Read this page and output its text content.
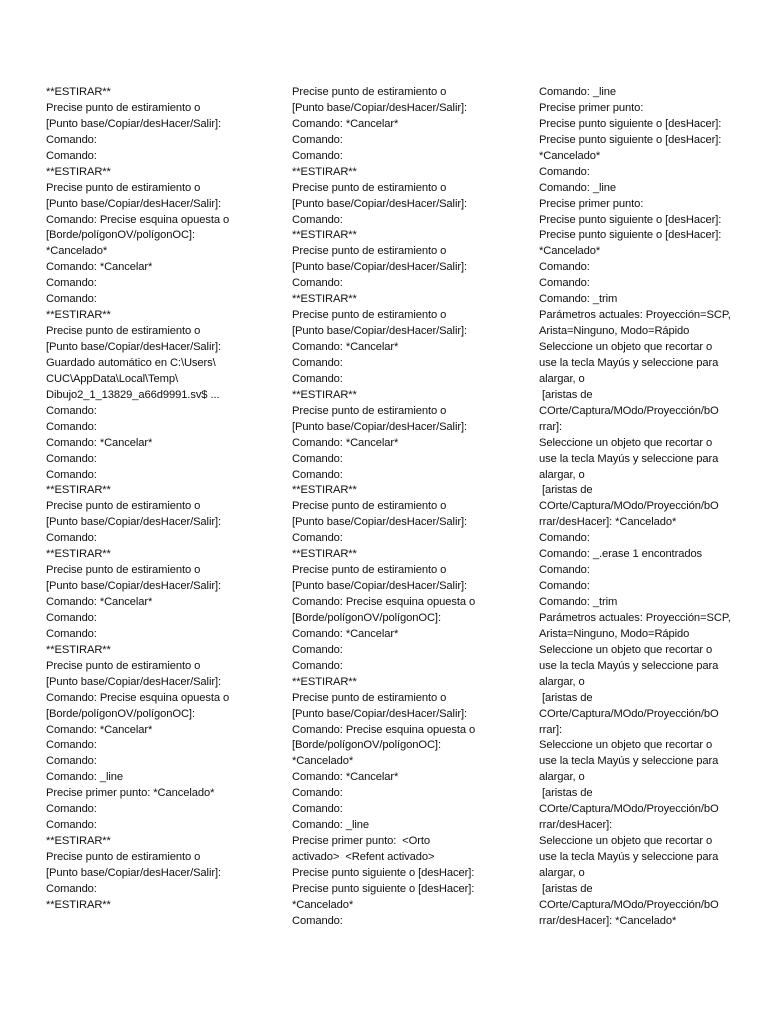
**ESTIRAR**
Precise punto de estiramiento o
[Punto base/Copiar/desHacer/Salir]:
Comando:
Comando:
**ESTIRAR**
Precise punto de estiramiento o
[Punto base/Copiar/desHacer/Salir]:
Comando: Precise esquina opuesta o
[Borde/polígonOV/polígonOC]:
*Cancelado*
Comando: *Cancelar*
Comando:
Comando:
**ESTIRAR**
Precise punto de estiramiento o
[Punto base/Copiar/desHacer/Salir]:
Guardado automático en C:\Users\
CUC\AppData\Local\Temp\
Dibujo2_1_13829_a66d9991.sv$ ...
Comando:
Comando:
Comando: *Cancelar*
Comando:
Comando:
**ESTIRAR**
Precise punto de estiramiento o
[Punto base/Copiar/desHacer/Salir]:
Comando:
**ESTIRAR**
Precise punto de estiramiento o
[Punto base/Copiar/desHacer/Salir]:
Comando: *Cancelar*
Comando:
Comando:
**ESTIRAR**
Precise punto de estiramiento o
[Punto base/Copiar/desHacer/Salir]:
Comando: Precise esquina opuesta o
[Borde/polígonOV/polígonOC]:
Comando: *Cancelar*
Comando:
Comando:
Comando: _line
Precise primer punto: *Cancelado*
Comando:
Comando:
**ESTIRAR**
Precise punto de estiramiento o
[Punto base/Copiar/desHacer/Salir]:
Comando:
**ESTIRAR**
Precise punto de estiramiento o
[Punto base/Copiar/desHacer/Salir]:
Comando: *Cancelar*
Comando:
Comando:
**ESTIRAR**
Precise punto de estiramiento o
[Punto base/Copiar/desHacer/Salir]:
Comando:
**ESTIRAR**
Precise punto de estiramiento o
[Punto base/Copiar/desHacer/Salir]:
Comando:
**ESTIRAR**
Precise punto de estiramiento o
[Punto base/Copiar/desHacer/Salir]:
Comando: *Cancelar*
Comando:
Comando:
**ESTIRAR**
Precise punto de estiramiento o
[Punto base/Copiar/desHacer/Salir]:
Comando: *Cancelar*
Comando:
Comando:
**ESTIRAR**
Precise punto de estiramiento o
[Punto base/Copiar/desHacer/Salir]:
Comando:
**ESTIRAR**
Precise punto de estiramiento o
[Punto base/Copiar/desHacer/Salir]:
Comando: Precise esquina opuesta o
[Borde/polígonOV/polígonOC]:
Comando: *Cancelar*
Comando:
Comando:
**ESTIRAR**
Precise punto de estiramiento o
[Punto base/Copiar/desHacer/Salir]:
Comando: Precise esquina opuesta o
[Borde/polígonOV/polígonOC]:
*Cancelado*
Comando: *Cancelar*
Comando:
Comando:
Comando: _line
Precise primer punto:  <Orto
activado>  <Refent activado>
Precise punto siguiente o [desHacer]:
Precise punto siguiente o [desHacer]:
*Cancelado*
Comando:
Comando: _line
Precise primer punto:
Precise punto siguiente o [desHacer]:
Precise punto siguiente o [desHacer]:
*Cancelado*
Comando:
Comando: _line
Precise primer punto:
Precise punto siguiente o [desHacer]:
Precise punto siguiente o [desHacer]:
*Cancelado*
Comando:
Comando:
Comando: _trim
Parámetros actuales: Proyección=SCP,
Arista=Ninguno, Modo=Rápido
Seleccione un objeto que recortar o
use la tecla Mayús y seleccione para
alargar, o
[aristas de
COrte/Captura/MOdo/Proyección/bO
rrar]:
Seleccione un objeto que recortar o
use la tecla Mayús y seleccione para
alargar, o
[aristas de
COrte/Captura/MOdo/Proyección/bO
rrar/desHacer]: *Cancelado*
Comando:
Comando: _.erase 1 encontrados
Comando:
Comando:
Comando: _trim
Parámetros actuales: Proyección=SCP,
Arista=Ninguno, Modo=Rápido
Seleccione un objeto que recortar o
use la tecla Mayús y seleccione para
alargar, o
[aristas de
COrte/Captura/MOdo/Proyección/bO
rrar]:
Seleccione un objeto que recortar o
use la tecla Mayús y seleccione para
alargar, o
[aristas de
COrte/Captura/MOdo/Proyección/bO
rrar/desHacer]:
Seleccione un objeto que recortar o
use la tecla Mayús y seleccione para
alargar, o
[aristas de
COrte/Captura/MOdo/Proyección/bO
rrar/desHacer]: *Cancelado*
